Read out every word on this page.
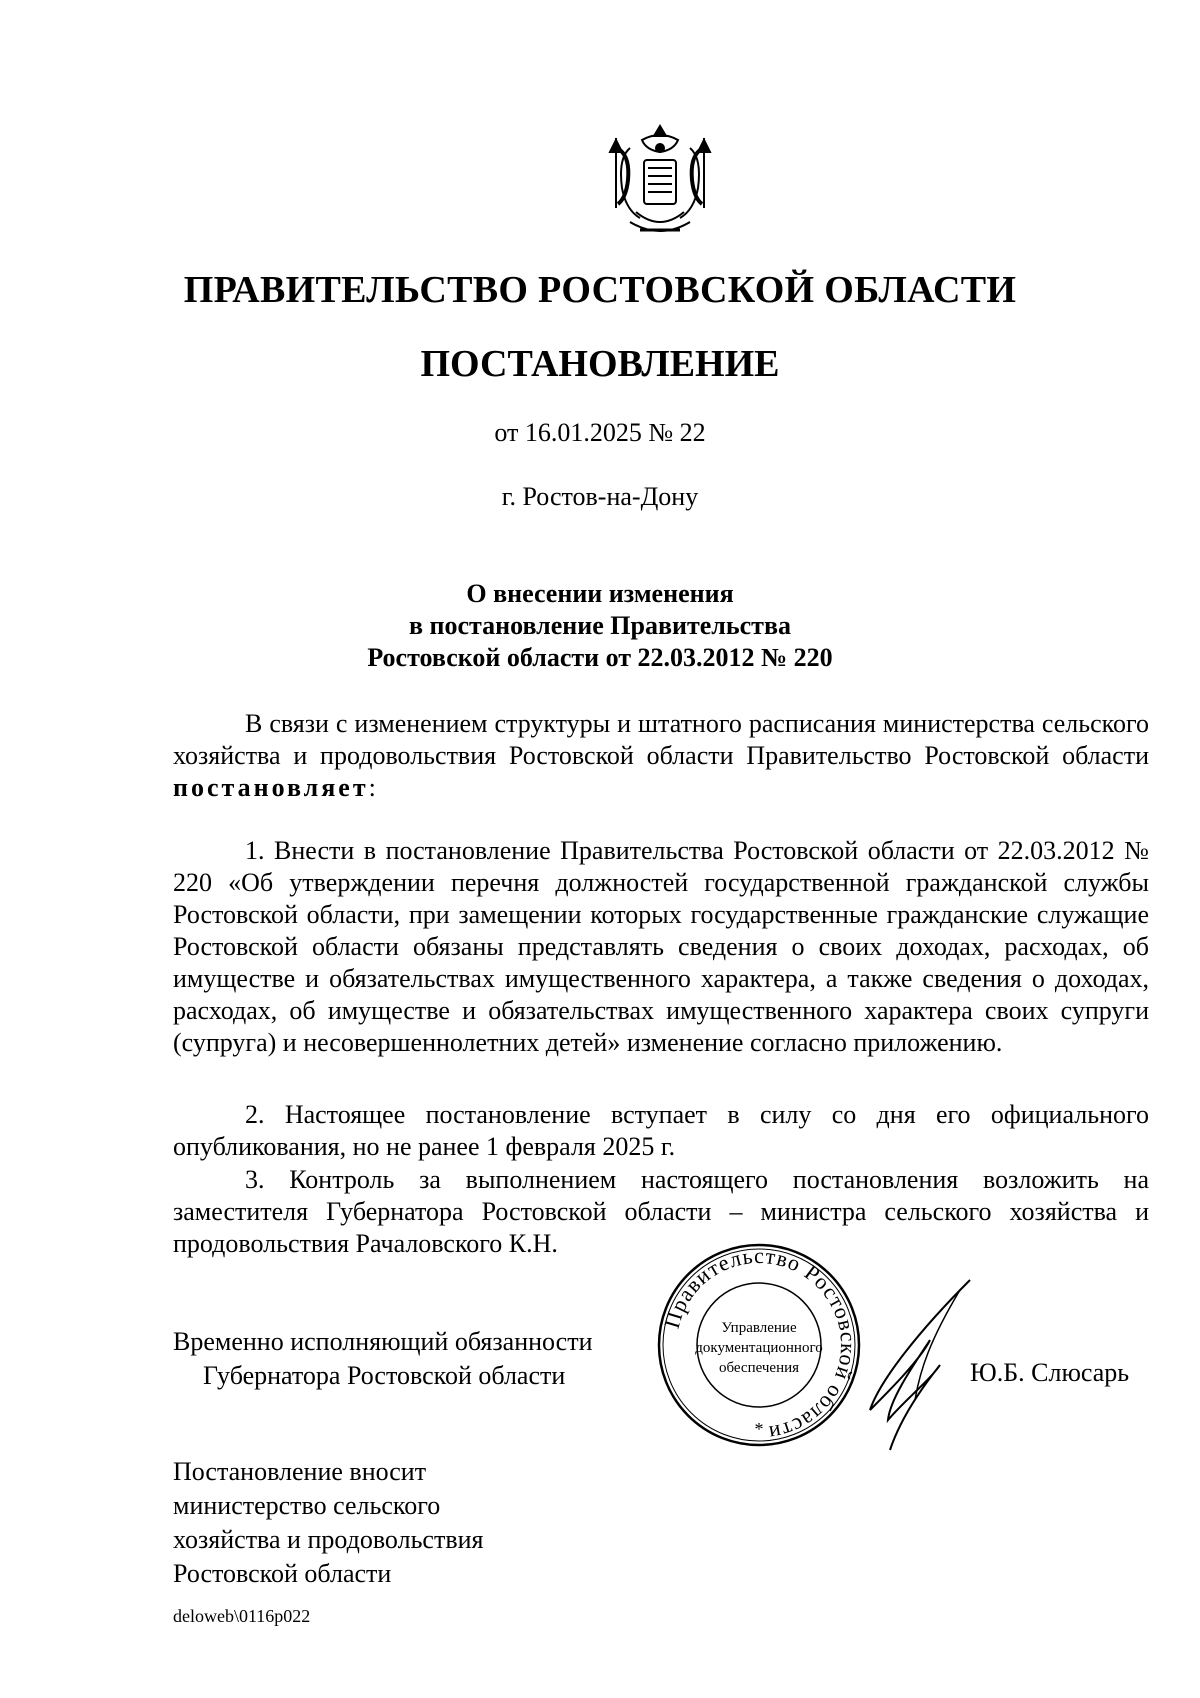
ПРАВИТЕЛЬСТВО РОСТОВСКОЙ ОБЛАСТИ
ПОСТАНОВЛЕНИЕ
от 16.01.2025 № 22
г. Ростов-на-Дону
О внесении изменения
в постановление Правительства
Ростовской области от 22.03.2012 № 220

В связи с изменением структуры и штатного расписания министерства сельского хозяйства и продовольствия Ростовской области Правительство Ростовской области постановляет:

1. Внести в постановление Правительства Ростовской области от 22.03.2012 № 220 «Об утверждении перечня должностей государственной гражданской службы Ростовской области, при замещении которых государственные гражданские служащие Ростовской области обязаны представлять сведения о своих доходах, расходах, об имуществе и обязательствах имущественного характера, а также сведения о доходах, расходах, об имуществе и обязательствах имущественного характера своих супруги (супруга) и несовершеннолетних детей» изменение согласно приложению.

2. Настоящее постановление вступает в силу со дня его официального опубликования, но не ранее 1 февраля 2025 г.

3. Контроль за выполнением настоящего постановления возложить на заместителя Губернатора Ростовской области – министра сельского хозяйства и продовольствия Рачаловского К.Н.

Временно исполняющий обязанности
Губернатора Ростовской области
Правительство Ростовской области
Управление
документационного
обеспечения
*
Ю.Б. Слюсарь
Постановление вносит
министерство сельского
хозяйства и продовольствия
Ростовской области
deloweb\0116p022
